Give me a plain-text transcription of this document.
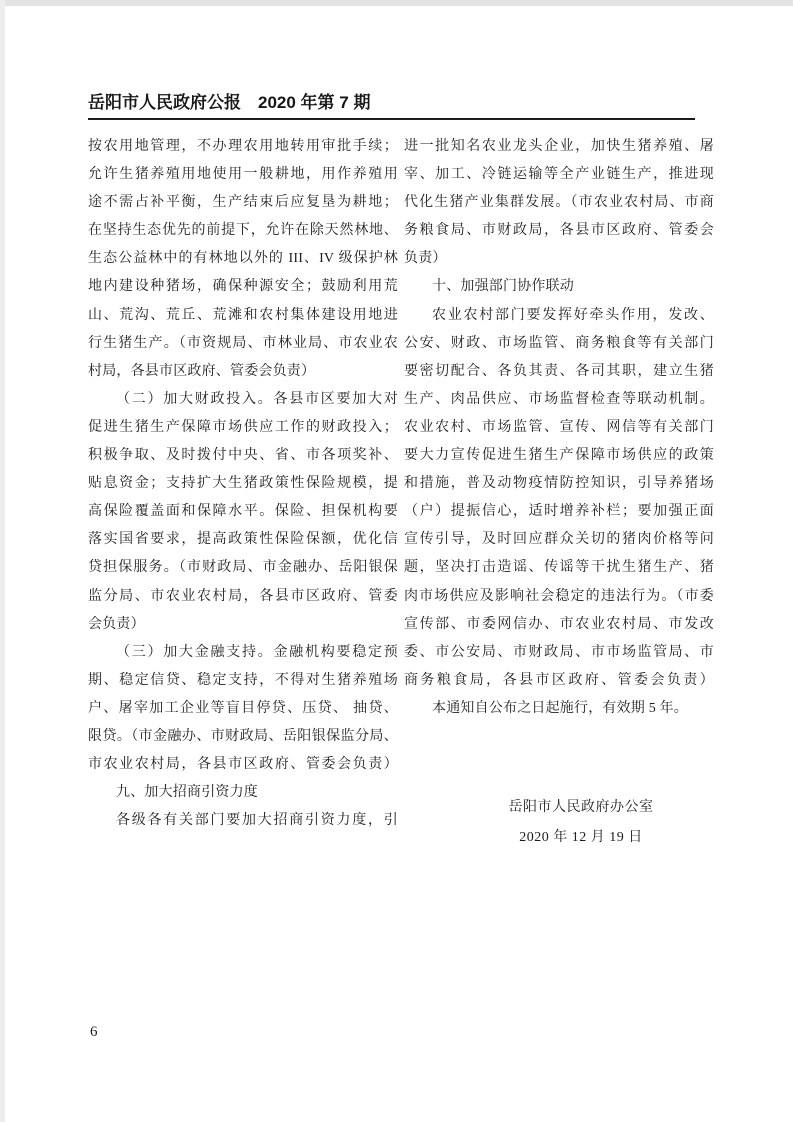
岳阳市人民政府公报　2020 年第 7 期
按农用地管理，不办理农用地转用审批手续；
允许生猪养殖用地使用一般耕地，用作养殖用
途不需占补平衡，生产结束后应复垦为耕地；
在坚持生态优先的前提下，允许在除天然林地、
生态公益林中的有林地以外的 III、IV 级保护林
地内建设种猪场，确保种源安全；鼓励利用荒
山、荒沟、荒丘、荒滩和农村集体建设用地进
行生猪生产。（市资规局、市林业局、市农业农
村局，各县市区政府、管委会负责）
（二）加大财政投入。各县市区要加大对
促进生猪生产保障市场供应工作的财政投入；
积极争取、及时拨付中央、省、市各项奖补、
贴息资金；支持扩大生猪政策性保险规模，提
高保险覆盖面和保障水平。保险、担保机构要
落实国省要求，提高政策性保险保额，优化信
贷担保服务。（市财政局、市金融办、岳阳银保
监分局、市农业农村局，各县市区政府、管委
会负责）
（三）加大金融支持。金融机构要稳定预
期、稳定信贷、稳定支持，不得对生猪养殖场
户、屠宰加工企业等盲目停贷、压贷、 抽贷、
限贷。（市金融办、市财政局、岳阳银保监分局、
市农业农村局，各县市区政府、管委会负责）
九、加大招商引资力度
各级各有关部门要加大招商引资力度，引
进一批知名农业龙头企业，加快生猪养殖、屠
宰、加工、冷链运输等全产业链生产，推进现
代化生猪产业集群发展。（市农业农村局、市商
务粮食局、市财政局，各县市区政府、管委会
负责）
十、加强部门协作联动
农业农村部门要发挥好牵头作用，发改、
公安、财政、市场监管、商务粮食等有关部门
要密切配合、各负其责、各司其职，建立生猪
生产、肉品供应、市场监督检查等联动机制。
农业农村、市场监管、宣传、网信等有关部门
要大力宣传促进生猪生产保障市场供应的政策
和措施，普及动物疫情防控知识，引导养猪场
（户）提振信心，适时增养补栏；要加强正面
宣传引导，及时回应群众关切的猪肉价格等问
题，坚决打击造谣、传谣等干扰生猪生产、猪
肉市场供应及影响社会稳定的违法行为。（市委
宣传部、市委网信办、市农业农村局、市发改
委、市公安局、市财政局、市市场监管局、市
商务粮食局，各县市区政府、管委会负责）
本通知自公布之日起施行，有效期 5 年。
岳阳市人民政府办公室
2020 年 12 月 19 日
6
